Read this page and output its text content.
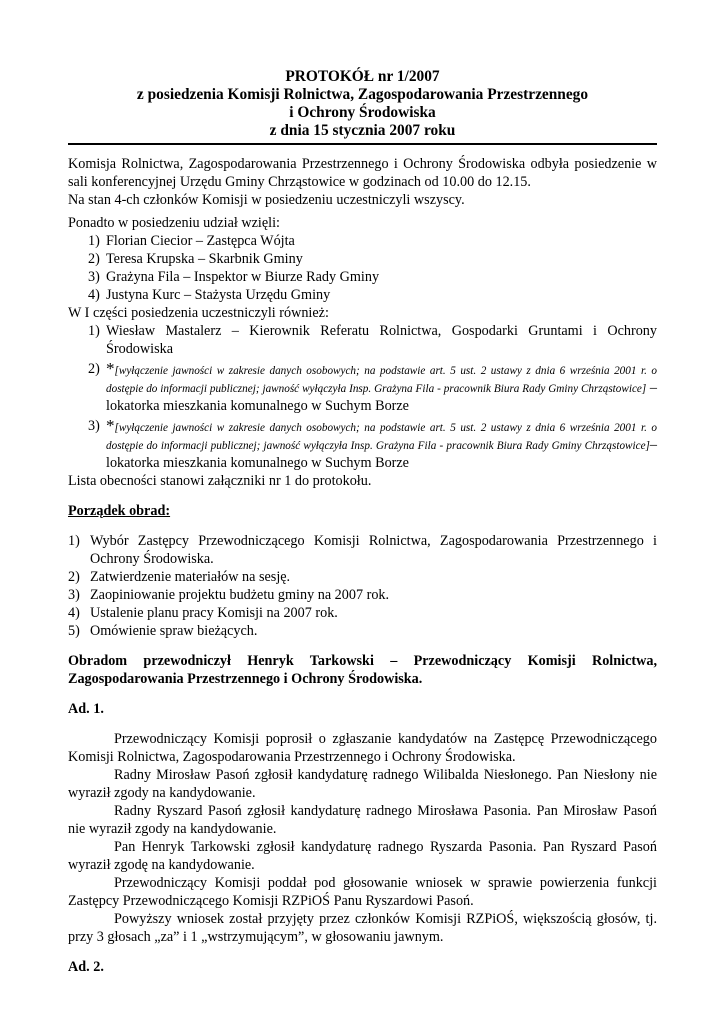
PROTOKÓŁ nr 1/2007
z posiedzenia Komisji Rolnictwa, Zagospodarowania Przestrzennego
i Ochrony Środowiska
z dnia 15 stycznia 2007 roku

Komisja Rolnictwa, Zagospodarowania Przestrzennego i Ochrony Środowiska odbyła posiedzenie w sali konferencyjnej Urzędu Gminy Chrząstowice w godzinach od 10.00 do 12.15.

Na stan 4-ch członków Komisji w posiedzeniu uczestniczyli wszyscy.

Ponadto w posiedzeniu udział wzięli:

1) Florian Ciecior – Zastępca Wójta
2) Teresa Krupska – Skarbnik Gminy
3) Grażyna Fila – Inspektor w Biurze Rady Gminy
4) Justyna Kurc – Stażysta Urzędu Gminy

W I części posiedzenia uczestniczyli również:

1) Wiesław Mastalerz – Kierownik Referatu Rolnictwa, Gospodarki Gruntami i Ochrony Środowiska
2) *[wyłączenie jawności w zakresie danych osobowych; na podstawie art. 5 ust. 2 ustawy z dnia 6 września 2001 r. o dostępie do informacji publicznej; jawność wyłączyła Insp. Grażyna Fila - pracownik Biura Rady Gminy Chrząstowice] – lokatorka mieszkania komunalnego w Suchym Borze
3) *[wyłączenie jawności w zakresie danych osobowych; na podstawie art. 5 ust. 2 ustawy z dnia 6 września 2001 r. o dostępie do informacji publicznej; jawność wyłączyła Insp. Grażyna Fila - pracownik Biura Rady Gminy Chrząstowice]– lokatorka mieszkania komunalnego w Suchym Borze

Lista obecności stanowi załączniki nr 1 do protokołu.

Porządek obrad:

1) Wybór Zastępcy Przewodniczącego Komisji Rolnictwa, Zagospodarowania Przestrzennego i Ochrony Środowiska.
2) Zatwierdzenie materiałów na sesję.
3) Zaopiniowanie projektu budżetu gminy na 2007 rok.
4) Ustalenie planu pracy Komisji na 2007 rok.
5) Omówienie spraw bieżących.

Obradom przewodniczył Henryk Tarkowski – Przewodniczący Komisji Rolnictwa, Zagospodarowania Przestrzennego i Ochrony Środowiska.

Ad. 1.

Przewodniczący Komisji poprosił o zgłaszanie kandydatów na Zastępcę Przewodniczącego Komisji Rolnictwa, Zagospodarowania Przestrzennego i Ochrony Środowiska.

Radny Mirosław Pasoń zgłosił kandydaturę radnego Wilibalda Niesłonego. Pan Niesłony nie wyraził zgody na kandydowanie.

Radny Ryszard Pasoń zgłosił kandydaturę radnego Mirosława Pasonia. Pan Mirosław Pasoń nie wyraził zgody na kandydowanie.

Pan Henryk Tarkowski zgłosił kandydaturę radnego Ryszarda Pasonia. Pan Ryszard Pasoń wyraził zgodę na kandydowanie.

Przewodniczący Komisji poddał pod głosowanie wniosek w sprawie powierzenia funkcji Zastępcy Przewodniczącego Komisji RZPiOŚ Panu Ryszardowi Pasoń.

Powyższy wniosek został przyjęty przez członków Komisji RZPiOŚ, większością głosów, tj. przy 3 głosach „za” i 1 „wstrzymującym”, w głosowaniu jawnym.

Ad. 2.
